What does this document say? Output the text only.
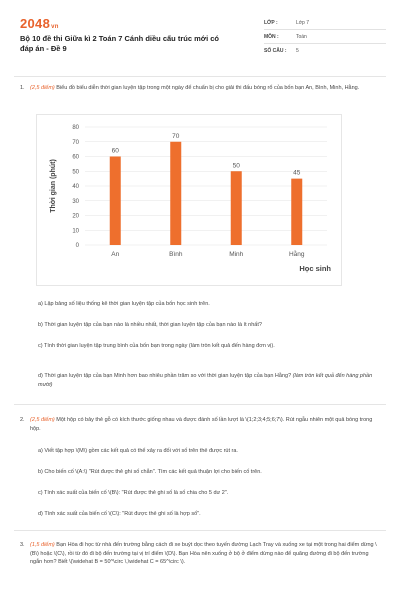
2048vn
Bộ 10 đề thi Giữa kì 2 Toán 7 Cánh diều cấu trúc mới có đáp án - Đề 9
LỚP :	Lớp 7
MÔN :	Toán
SỐ CÂU :	5
1. (2,5 điểm) Biểu đồ biểu diễn thời gian luyện tập trong một ngày để chuẩn bị cho giải thi đấu bóng rổ của bốn bạn An, Bình, Minh, Hằng.
0
10
20
30
40
50
60
70
80
Thời gian (phút)
60
An
70
Bình
50
Minh
45
Hằng
Học sinh
a) Lập bảng số liệu thống kê thời gian luyện tập của bốn học sinh trên.
b) Thời gian luyện tập của bạn nào là nhiều nhất, thời gian luyện tập của bạn nào là ít nhất?
c) Tính thời gian luyện tập trung bình của bốn bạn trong ngày (làm tròn kết quả đến hàng đơn vị).
d) Thời gian luyện tập của bạn Minh hơn bao nhiêu phần trăm so với thời gian luyện tập của bạn Hằng? (làm tròn kết quả đến hàng phần mười)
2. (2,5 điểm) Một hộp có bảy thẻ gỗ có kích thước giống nhau và được đánh số lần lượt là \(1;2;3;4;5;6;7\). Rút ngẫu nhiên một quả bóng trong hộp.
a) Viết tập hợp \(M\) gồm các kết quả có thể xảy ra đối với số trên thẻ được rút ra.
b) Cho biến cố \(A:\) "Rút được thẻ ghi số chẵn". Tìm các kết quả thuận lợi cho biến cố trên.
c) Tính xác suất của biến cố \(B\): "Rút được thẻ ghi số là số chia cho 5 dư 2".
d) Tính xác suất của biến cố \(C\): "Rút được thẻ ghi số là hợp số".
3. (1,5 điểm) Bạn Hòa đi học từ nhà đến trường bằng cách đi xe buýt dọc theo tuyến đường Lạch Tray và xuống xe tại một trong hai điểm dừng \(B\) hoặc \(C\), rồi từ đó đi bộ đến trường tại vị trí điểm \(D\). Bạn Hòa nên xuống ở bộ ở điểm dừng nào để quãng đường đi bộ đến trường ngắn hơn? Biết \(\widehat B = 50^\circ \,\widehat C = 65^\circ \).
